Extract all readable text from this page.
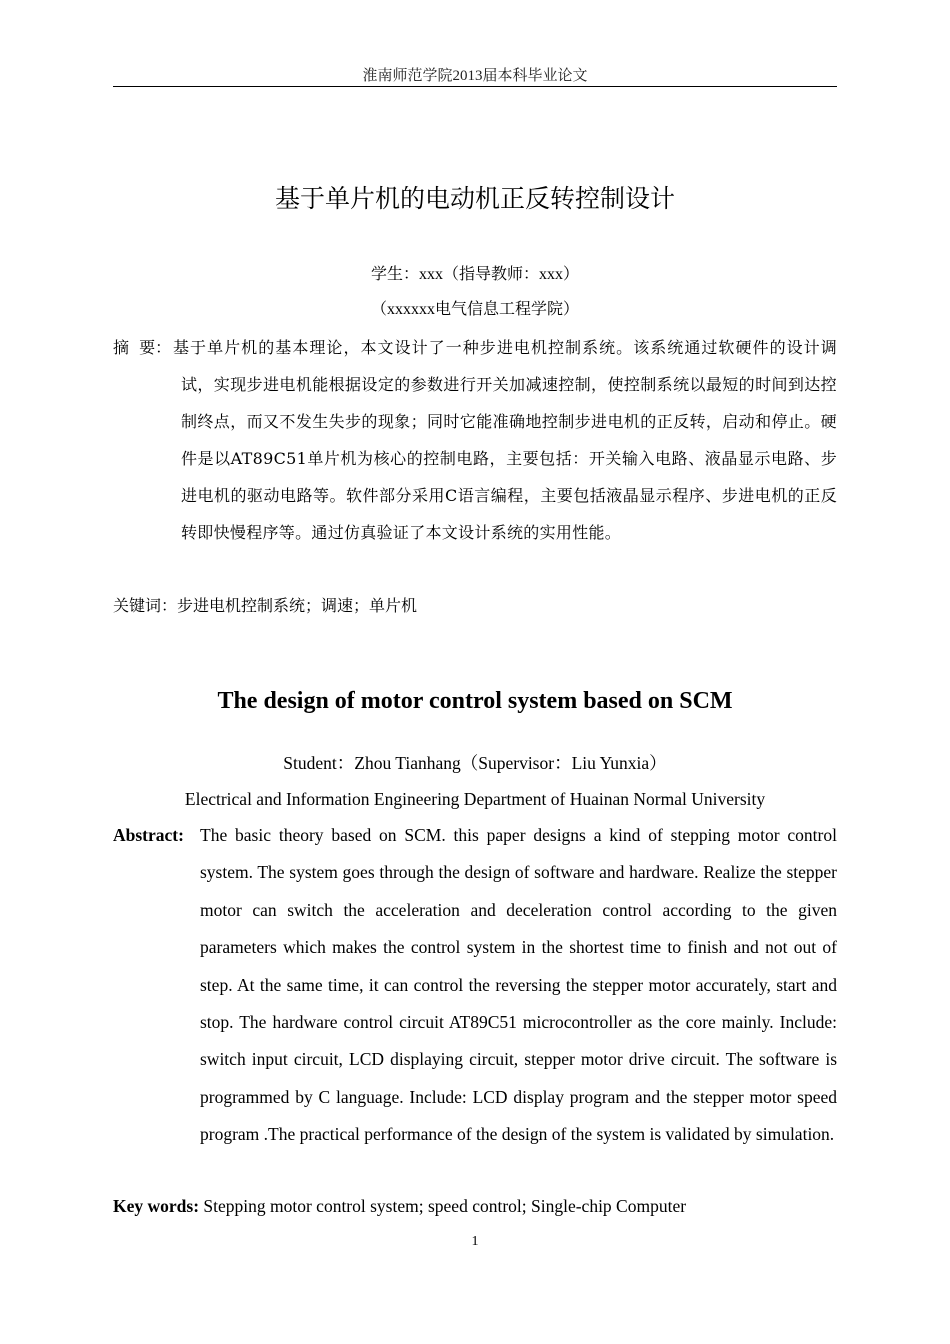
淮南师范学院2013届本科毕业论文
基于单片机的电动机正反转控制设计
学生：xxx（指导教师：xxx）
（xxxxxx电气信息工程学院）
摘  要： 基于单片机的基本理论，本文设计了一种步进电机控制系统。该系统通过软硬件的设计调试，实现步进电机能根据设定的参数进行开关加减速控制，使控制系统以最短的时间到达控制终点，而又不发生失步的现象；同时它能准确地控制步进电机的正反转，启动和停止。硬件是以AT89C51单片机为核心的控制电路，主要包括：开关输入电路、液晶显示电路、步进电机的驱动电路等。软件部分采用C语言编程，主要包括液晶显示程序、步进电机的正反转即快慢程序等。通过仿真验证了本文设计系统的实用性能。
关键词：步进电机控制系统；调速；单片机
The design of motor control system based on SCM
Student：Zhou Tianhang（Supervisor：Liu Yunxia）
Electrical and Information Engineering Department of Huainan Normal University
Abstract: The basic theory based on SCM. this paper designs a kind of stepping motor control system. The system goes through the design of software and hardware. Realize the stepper motor can switch the acceleration and deceleration control according to the given parameters which makes the control system in the shortest time to finish and not out of step. At the same time, it can control the reversing the stepper motor accurately, start and stop. The hardware control circuit AT89C51 microcontroller as the core mainly. Include: switch input circuit, LCD displaying circuit, stepper motor drive circuit. The software is programmed by C language. Include: LCD display program and the stepper motor speed program .The practical performance of the design of the system is validated by simulation.
Key words: Stepping motor control system; speed control; Single-chip Computer
1
